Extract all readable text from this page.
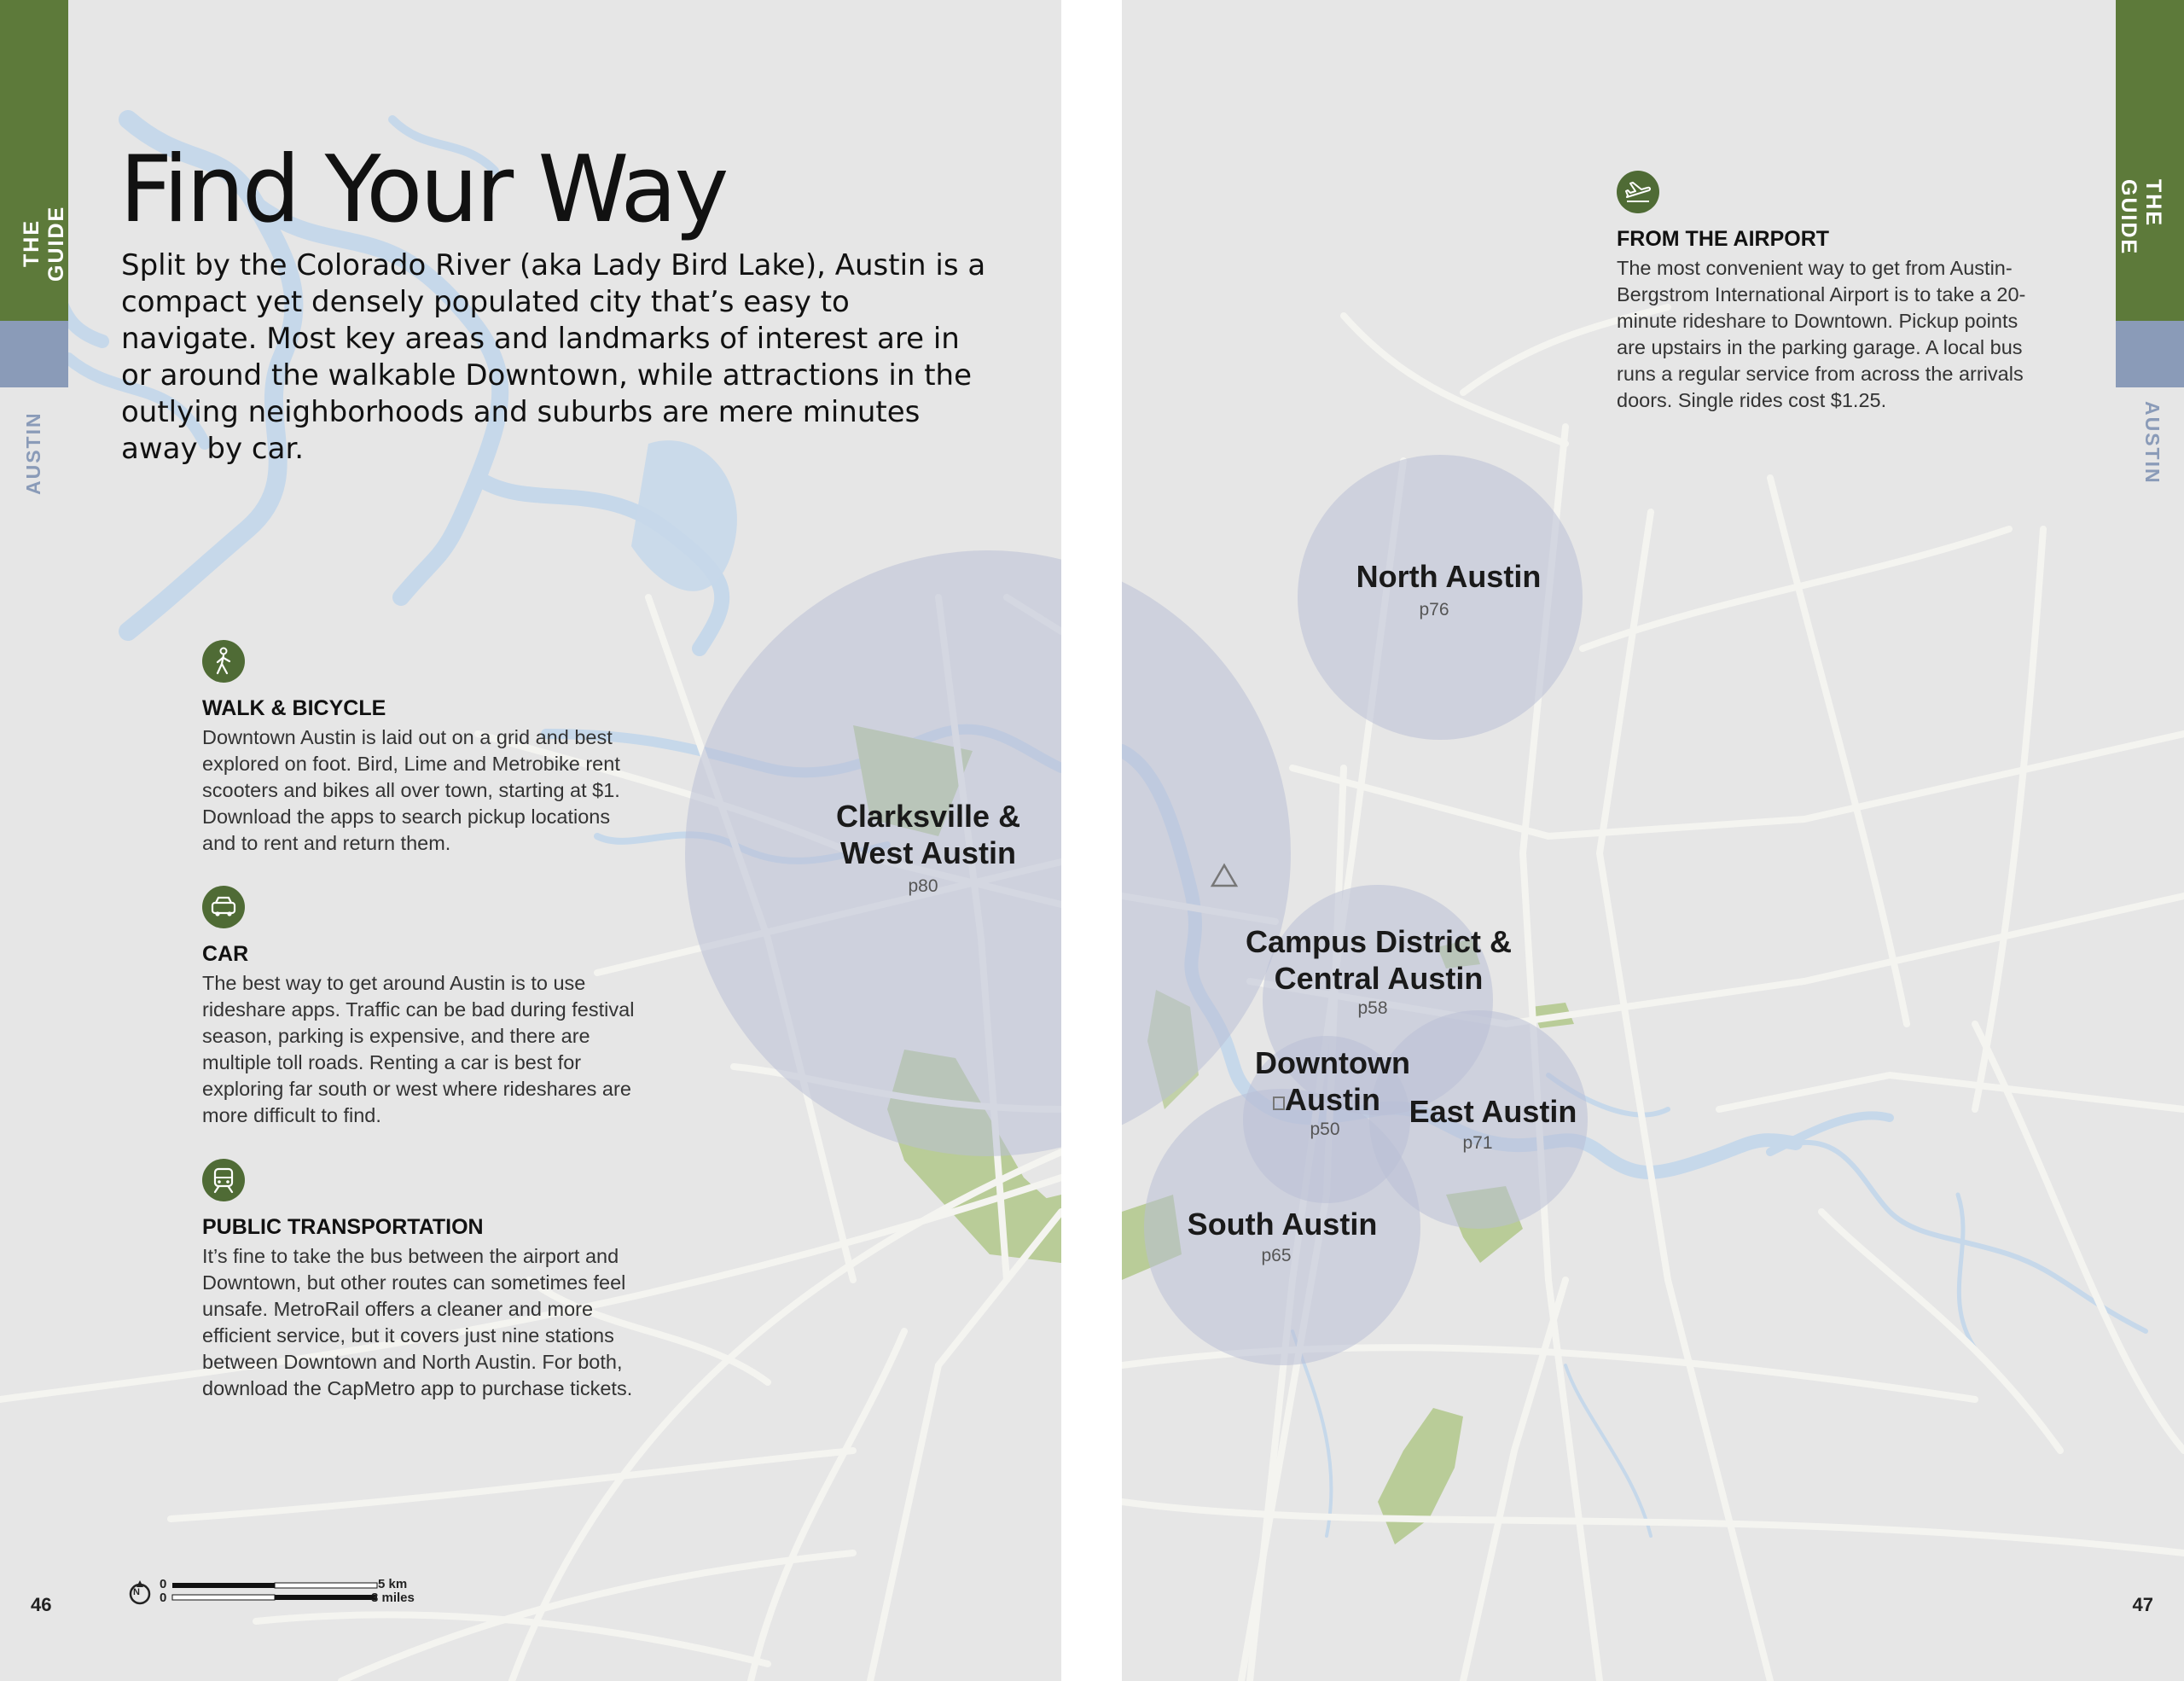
THE GUIDE
AUSTIN
Find Your Way
Split by the Colorado River (aka Lady Bird Lake), Austin is a compact yet densely populated city that’s easy to navigate. Most key areas and landmarks of interest are in or around the walkable Downtown, while attractions in the outlying neighborhoods and suburbs are mere minutes away by car.
WALK & BICYCLE
Downtown Austin is laid out on a grid and best explored on foot. Bird, Lime and Metrobike rent scooters and bikes all over town, starting at $1. Download the apps to search pickup locations and to rent and return them.
CAR
The best way to get around Austin is to use rideshare apps. Traffic can be bad during festival season, parking is expensive, and there are multiple toll roads. Renting a car is best for exploring far south or west where rideshares are more difficult to find.
PUBLIC TRANSPORTATION
It’s fine to take the bus between the airport and Downtown, but other routes can sometimes feel unsafe. MetroRail offers a cleaner and more efficient service, but it covers just nine stations between Downtown and North Austin. For both, download the CapMetro app to purchase tickets.
Clarksville &
West Austin
p80
N
0
0
5 km
3 miles
46
THE GUIDE
AUSTIN
FROM THE AIRPORT
The most convenient way to get from Austin-Bergstrom International Airport is to take a 20-minute rideshare to Downtown. Pickup points are upstairs in the parking garage. A local bus runs a regular service from across the arrivals doors. Single rides cost $1.25.
North Austin
p76
Campus District &
Central Austin
p58
Downtown
Austin
p50
East Austin
p71
South Austin
p65
47
